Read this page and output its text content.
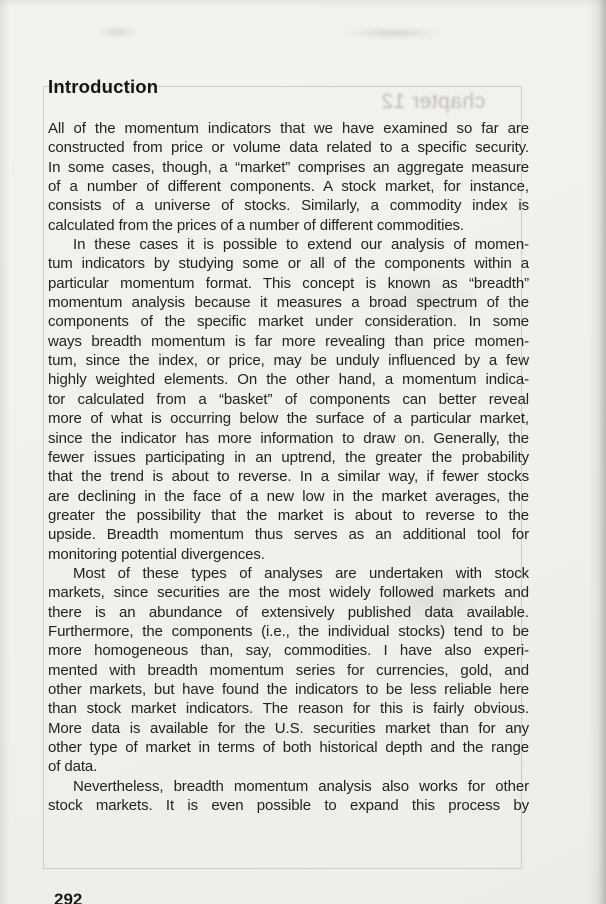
chapter 12
Introduction
All of the momentum indicators that we have examined so far are
constructed from price or volume data related to a specific security.
In some cases, though, a “market” comprises an aggregate measure
of a number of different components. A stock market, for instance,
consists of a universe of stocks. Similarly, a commodity index is
calculated from the prices of a number of different commodities.
In these cases it is possible to extend our analysis of momen-
tum indicators by studying some or all of the components within a
particular momentum format. This concept is known as “breadth”
momentum analysis because it measures a broad spectrum of the
components of the specific market under consideration. In some
ways breadth momentum is far more revealing than price momen-
tum, since the index, or price, may be unduly influenced by a few
highly weighted elements. On the other hand, a momentum indica-
tor calculated from a “basket” of components can better reveal
more of what is occurring below the surface of a particular market,
since the indicator has more information to draw on. Generally, the
fewer issues participating in an uptrend, the greater the probability
that the trend is about to reverse. In a similar way, if fewer stocks
are declining in the face of a new low in the market averages, the
greater the possibility that the market is about to reverse to the
upside. Breadth momentum thus serves as an additional tool for
monitoring potential divergences.
Most of these types of analyses are undertaken with stock
markets, since securities are the most widely followed markets and
there is an abundance of extensively published data available.
Furthermore, the components (i.e., the individual stocks) tend to be
more homogeneous than, say, commodities. I have also experi-
mented with breadth momentum series for currencies, gold, and
other markets, but have found the indicators to be less reliable here
than stock market indicators. The reason for this is fairly obvious.
More data is available for the U.S. securities market than for any
other type of market in terms of both historical depth and the range
of data.
Nevertheless, breadth momentum analysis also works for other
stock markets. It is even possible to expand this process by
292
